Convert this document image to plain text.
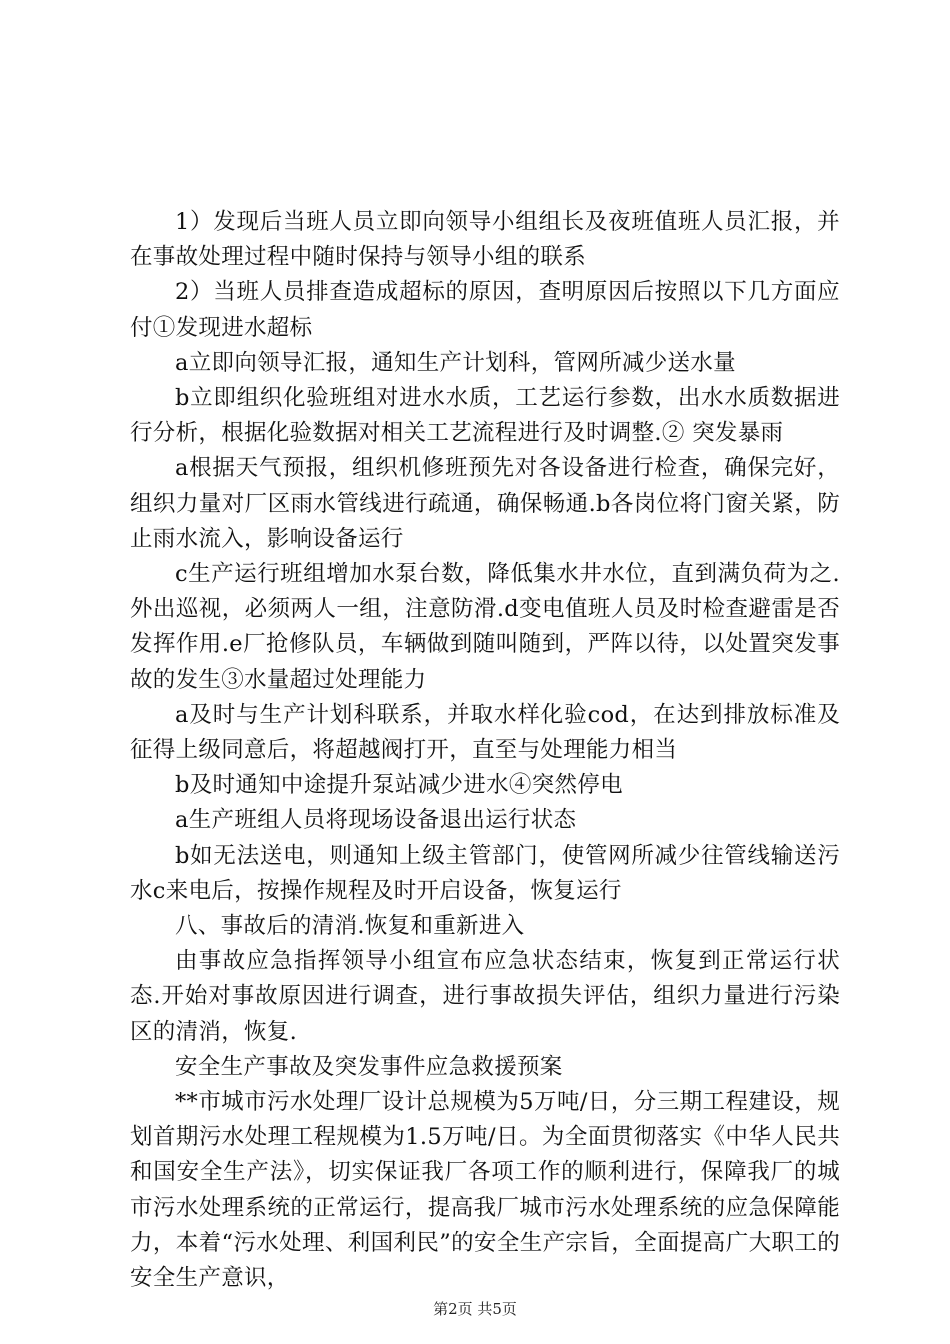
1）发现后当班人员立即向领导小组组长及夜班值班人员汇报，并在事故处理过程中随时保持与领导小组的联系

2）当班人员排查造成超标的原因，查明原因后按照以下几方面应付①发现进水超标

a立即向领导汇报，通知生产计划科，管网所减少送水量

b立即组织化验班组对进水水质，工艺运行参数，出水水质数据进行分析，根据化验数据对相关工艺流程进行及时调整.② 突发暴雨

a根据天气预报，组织机修班预先对各设备进行检查，确保完好，组织力量对厂区雨水管线进行疏通，确保畅通.b各岗位将门窗关紧，防止雨水流入，影响设备运行

c生产运行班组增加水泵台数，降低集水井水位，直到满负荷为之.外出巡视，必须两人一组，注意防滑.d变电值班人员及时检查避雷是否发挥作用.e厂抢修队员，车辆做到随叫随到，严阵以待，以处置突发事故的发生③水量超过处理能力

a及时与生产计划科联系，并取水样化验cod，在达到排放标准及征得上级同意后，将超越阀打开，直至与处理能力相当

b及时通知中途提升泵站减少进水④突然停电

a生产班组人员将现场设备退出运行状态

b如无法送电，则通知上级主管部门，使管网所减少往管线输送污水c来电后，按操作规程及时开启设备，恢复运行

八、事故后的清消.恢复和重新进入

由事故应急指挥领导小组宣布应急状态结束，恢复到正常运行状态.开始对事故原因进行调查，进行事故损失评估，组织力量进行污染区的清消，恢复.

安全生产事故及突发事件应急救援预案

**市城市污水处理厂设计总规模为5万吨/日，分三期工程建设，规划首期污水处理工程规模为1.5万吨/日。为全面贯彻落实《中华人民共和国安全生产法》，切实保证我厂各项工作的顺利进行，保障我厂的城市污水处理系统的正常运行，提高我厂城市污水处理系统的应急保障能力，本着“污水处理、利国利民”的安全生产宗旨，全面提高广大职工的安全生产意识，

第2页 共5页
